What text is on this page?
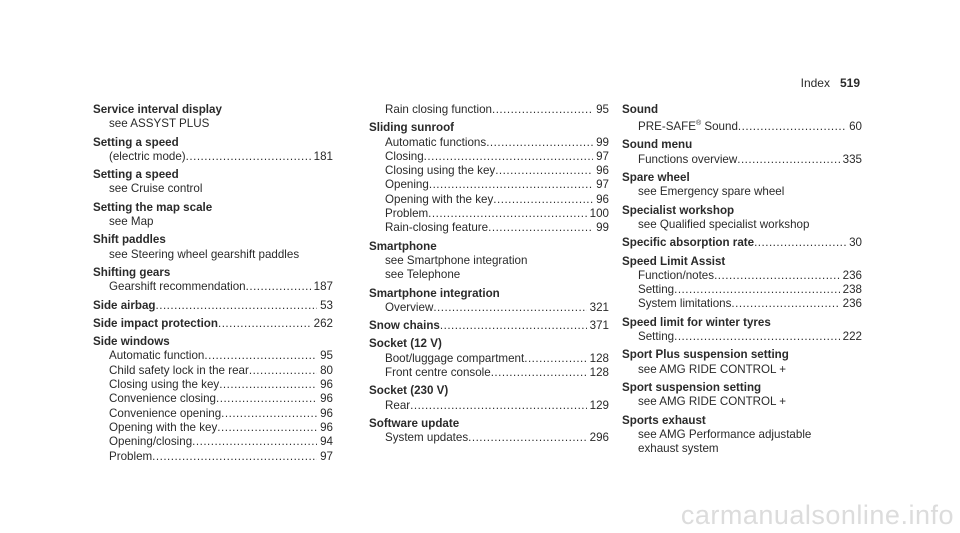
Index 519
Service interval display
see ASSYST PLUS
Setting a speed
(electric mode) .....	181
Setting a speed
see Cruise control
Setting the map scale
see Map
Shift paddles
see Steering wheel gearshift paddles
Shifting gears
Gearshift recommendation .....	187
Side airbag .....	53
Side impact protection .....	262
Side windows
Automatic function .....	95
Child safety lock in the rear .....	80
Closing using the key .....	96
Convenience closing .....	96
Convenience opening .....	96
Opening with the key .....	96
Opening/closing .....	94
Problem .....	97
Rain closing function .....	95
Sliding sunroof
Automatic functions .....	99
Closing .....	97
Closing using the key .....	96
Opening .....	97
Opening with the key .....	96
Problem .....	100
Rain-closing feature .....	99
Smartphone
see Smartphone integration
see Telephone
Smartphone integration
Overview .....	321
Snow chains .....	371
Socket (12 V)
Boot/luggage compartment .....	128
Front centre console .....	128
Socket (230 V)
Rear .....	129
Software update
System updates .....	296
Sound
PRE-SAFE® Sound .....	60
Sound menu
Functions overview .....	335
Spare wheel
see Emergency spare wheel
Specialist workshop
see Qualified specialist workshop
Specific absorption rate .....	30
Speed Limit Assist
Function/notes .....	236
Setting .....	238
System limitations .....	236
Speed limit for winter tyres
Setting .....	222
Sport Plus suspension setting
see AMG RIDE CONTROL +
Sport suspension setting
see AMG RIDE CONTROL +
Sports exhaust
see AMG Performance adjustable
exhaust system
carmanualsonline.info
